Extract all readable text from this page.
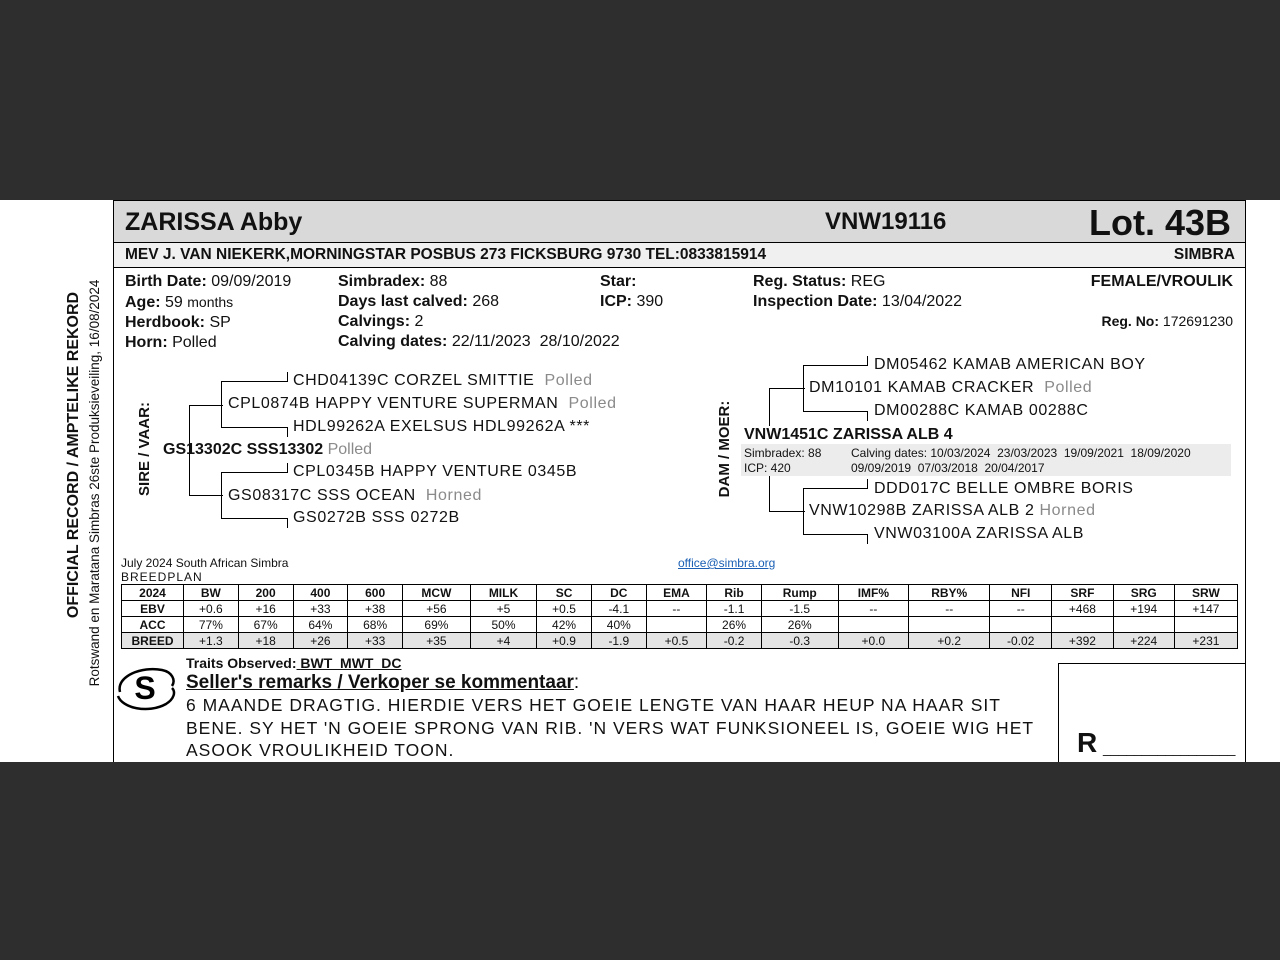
OFFICIAL RECORD / AMPTELIKE REKORD Rotswand en Maratana Simbras 26ste Produksieveiling, 16/08/2024
ZARISSA Abby	VNW19116	Lot. 43B
MEV J. VAN NIEKERK,MORNINGSTAR POSBUS 273 FICKSBURG 9730 TEL:0833815914	SIMBRA
Birth Date: 09/09/2019
Age: 59 months
Herdbook: SP
Horn: Polled
Simbradex: 88
Days last calved: 268
Calvings: 2
Calving dates: 22/11/2023  28/10/2022
Star:
ICP: 390
Reg. Status: REG
Inspection Date: 13/04/2022
FEMALE/VROULIK
Reg. No: 172691230
SIRE / VAAR:
CHD04139C CORZEL SMITTIE Polled
CPL0874B HAPPY VENTURE SUPERMAN Polled
HDL99262A EXELSUS HDL99262A ***
GS13302C SSS13302 Polled
CPL0345B HAPPY VENTURE 0345B
GS08317C SSS OCEAN Horned
GS0272B SSS 0272B
DAM / MOER:
DM05462 KAMAB AMERICAN BOY
DM10101 KAMAB CRACKER Polled
DM00288C KAMAB 00288C
VNW1451C ZARISSA ALB 4
Simbradex: 88
ICP: 420
Calving dates: 10/03/2024  23/03/2023  19/09/2021  18/09/2020
09/09/2019  07/03/2018  20/04/2017
DDD017C BELLE OMBRE BORIS
VNW10298B ZARISSA ALB 2 Horned
VNW03100A ZARISSA ALB
July 2024 South African Simbra
BREEDPLAN
office@simbra.org
2024	BW	200	400	600	MCW	MILK	SC	DC	EMA	Rib	Rump	IMF%	RBY%	NFI	SRF	SRG	SRW
EBV	+0.6	+16	+33	+38	+56	+5	+0.5	-4.1	--	-1.1	-1.5	--	--	--	+468	+194	+147
ACC	77%	67%	64%	68%	69%	50%	42%	40%		26%	26%						
BREED	+1.3	+18	+26	+33	+35	+4	+0.9	-1.9	+0.5	-0.2	-0.3	+0.0	+0.2	-0.02	+392	+224	+231
S
Traits Observed: BWT_MWT_DC
Seller's remarks / Verkoper se kommentaar:
6 MAANDE DRAGTIG. HIERDIE VERS HET GOEIE LENGTE VAN HAAR HEUP NA HAAR SIT
BENE. SY HET 'N GOEIE SPRONG VAN RIB. 'N VERS WAT FUNKSIONEEL IS, GOEIE WIG HET
ASOOK VROULIKHEID TOON.	R _________________
